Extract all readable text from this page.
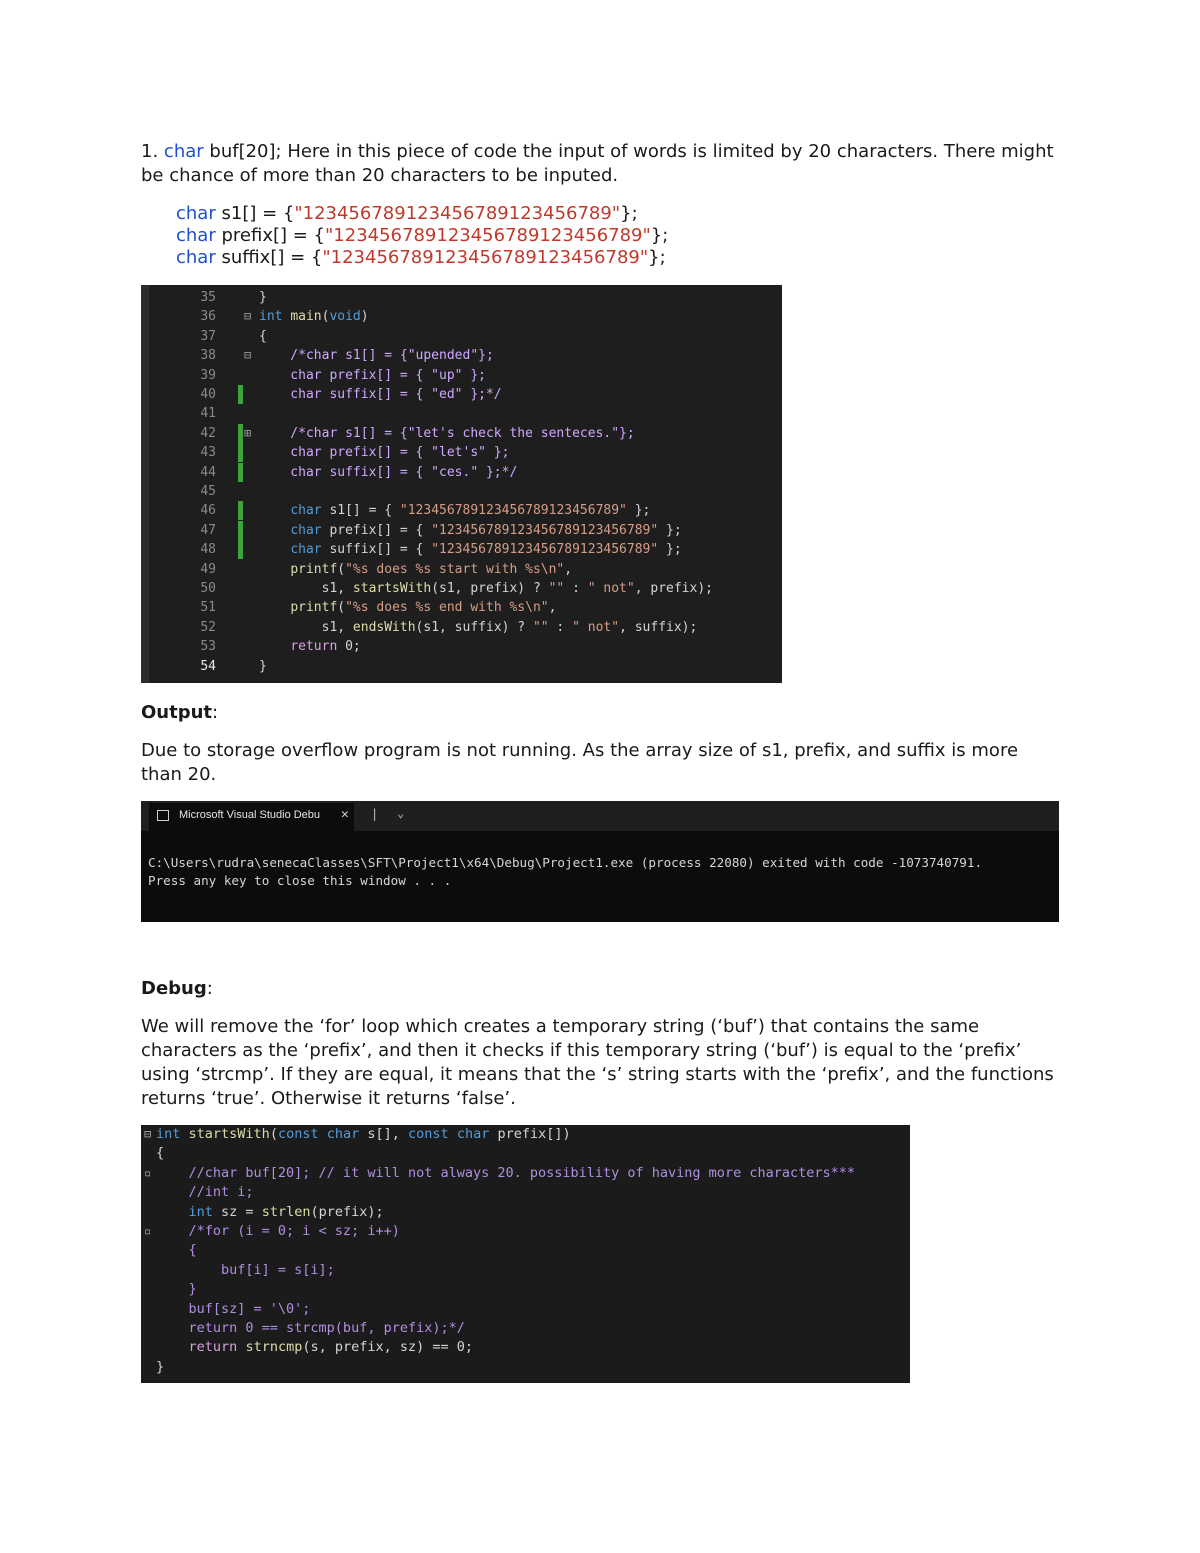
1. char buf[20]; Here in this piece of code the input of words is limited by 20 characters. There might be chance of more than 20 characters to be inputed.
char s1[] = {"123456789123456789123456789"};
char prefix[] = {"123456789123456789123456789"};
char suffix[] = {"123456789123456789123456789"};
35	}
36 ⊟ int main(void)
37	{
38 ⊟ /*char s1[] = {"upended"};
39	char prefix[] = { "up" };
40	char suffix[] = { "ed" };*/
41
42 ⊞ /*char s1[] = {"let's check the senteces."};
43	char prefix[] = { "let's" };
44	char suffix[] = { "ces." };*/
45
46	char s1[] = { "123456789123456789123456789" };
47	char prefix[] = { "123456789123456789123456789" };
48	char suffix[] = { "123456789123456789123456789" };
49	printf("%s does %s start with %s\n",
50	s1, startsWith(s1, prefix) ? "" : " not", prefix);
51	printf("%s does %s end with %s\n",
52	s1, endsWith(s1, suffix) ? "" : " not", suffix);
53	return 0;
54	}
Output:
Due to storage overflow program is not running. As the array size of s1, prefix, and suffix is more than 20.
Microsoft Visual Studio Debu	✕ | ⌄
C:\Users\rudra\senecaClasses\SFT\Project1\x64\Debug\Project1.exe (process 22080) exited with code -1073740791.
Press any key to close this window . . .
Debug:
We will remove the ‘for’ loop which creates a temporary string (‘buf’) that contains the same characters as the ‘prefix’, and then it checks if this temporary string (‘buf’) is equal to the ‘prefix’ using ‘strcmp’. If they are equal, it means that the ‘s’ string starts with the ‘prefix’, and the functions returns ‘true’. Otherwise it returns ‘false’.
⊟ int startsWith(const char s[], const char prefix[])
{
▫ //char buf[20]; // it will not always 20. possibility of having more characters***
//int i;
int sz = strlen(prefix);
▫ /*for (i = 0; i < sz; i++)
{
buf[i] = s[i];
}
buf[sz] = '\0';
return 0 == strcmp(buf, prefix);*/
return strncmp(s, prefix, sz) == 0;
}
